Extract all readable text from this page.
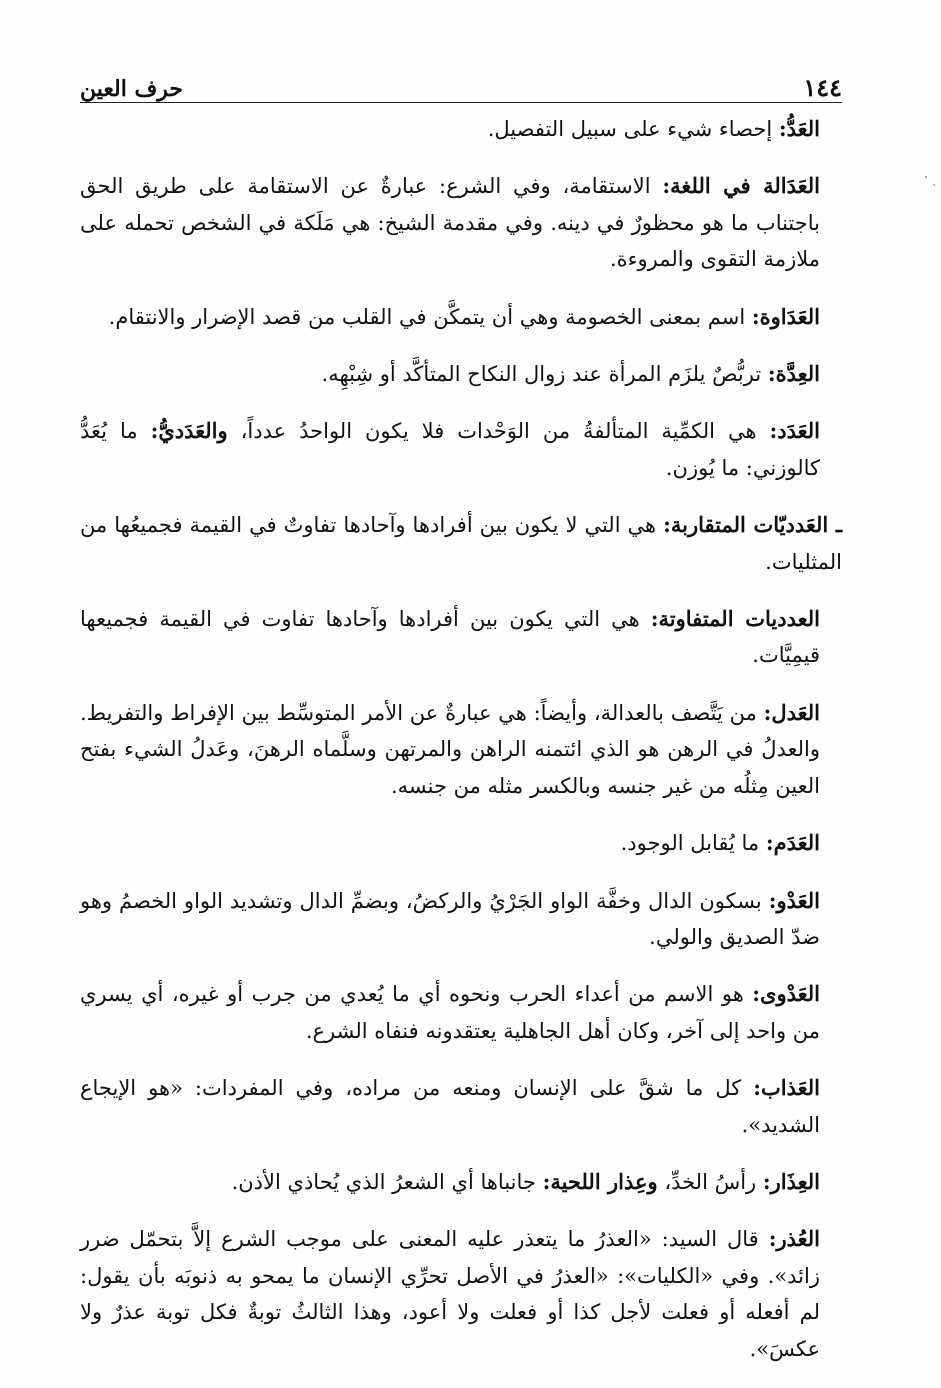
١٤٤
حرف العين

العَدُّ: إحصاء شيء على سبيل التفصيل.

العَدَالة في اللغة: الاستقامة، وفي الشرع: عبارةٌ عن الاستقامة على طريق الحق باجتناب ما هو محظورٌ في دينه. وفي مقدمة الشيخ: هي مَلَكة في الشخص تحمله على ملازمة التقوى والمروءة.

العَدَاوة: اسم بمعنى الخصومة وهي أن يتمكَّن في القلب من قصد الإضرار والانتقام.

العِدَّة: تربُّصٌ يلزَم المرأة عند زوال النكاح المتأكَّد أو شِبْهِه.

العَدَد: هي الكمِّية المتألفةُ من الوَحْدات فلا يكون الواحدُ عدداً، والعَدَديُّ: ما يُعَدُّ كالوزني: ما يُوزن.

ـ العَدديّات المتقاربة: هي التي لا يكون بين أفرادها وآحادها تفاوتٌ في القيمة فجميعُها من المثليات.

العدديات المتفاوتة: هي التي يكون بين أفرادها وآحادها تفاوت في القيمة فجميعها قيمِيَّات.

العَدل: من يَتَّصف بالعدالة، وأيضاً: هي عبارةٌ عن الأمر المتوسِّط بين الإفراط والتفريط. والعدلُ في الرهن هو الذي ائتمنه الراهن والمرتهن وسلَّماه الرهنَ، وعَدلُ الشيء بفتح العين مِثلُه من غير جنسه وبالكسر مثله من جنسه.

العَدَم: ما يُقابل الوجود.

العَدْو: بسكون الدال وخفَّة الواو الجَرْيُ والركضُ، وبضمِّ الدال وتشديد الواو الخصمُ وهو ضدّ الصديق والولي.

العَدْوى: هو الاسم من أعداء الحرب ونحوه أي ما يُعدي من جرب أو غيره، أي يسري من واحد إلى آخر، وكان أهل الجاهلية يعتقدونه فنفاه الشرع.

العَذاب: كل ما شقَّ على الإنسان ومنعه من مراده، وفي المفردات: «هو الإيجاع الشديد».

العِذَار: رأسُ الخدِّ، وعِذار اللحية: جانباها أي الشعرُ الذي يُحاذي الأذن.

العُذر: قال السيد: «العذرُ ما يتعذر عليه المعنى على موجب الشرع إلاَّ بتحمّل ضرر زائد». وفي «الكليات»: «العذرُ في الأصل تحرِّي الإنسان ما يمحو به ذنوبَه بأن يقول: لم أفعله أو فعلت لأجل كذا أو فعلت ولا أعود، وهذا الثالثُ توبةٌ فكل توبة عذرٌ ولا عكسَ».
